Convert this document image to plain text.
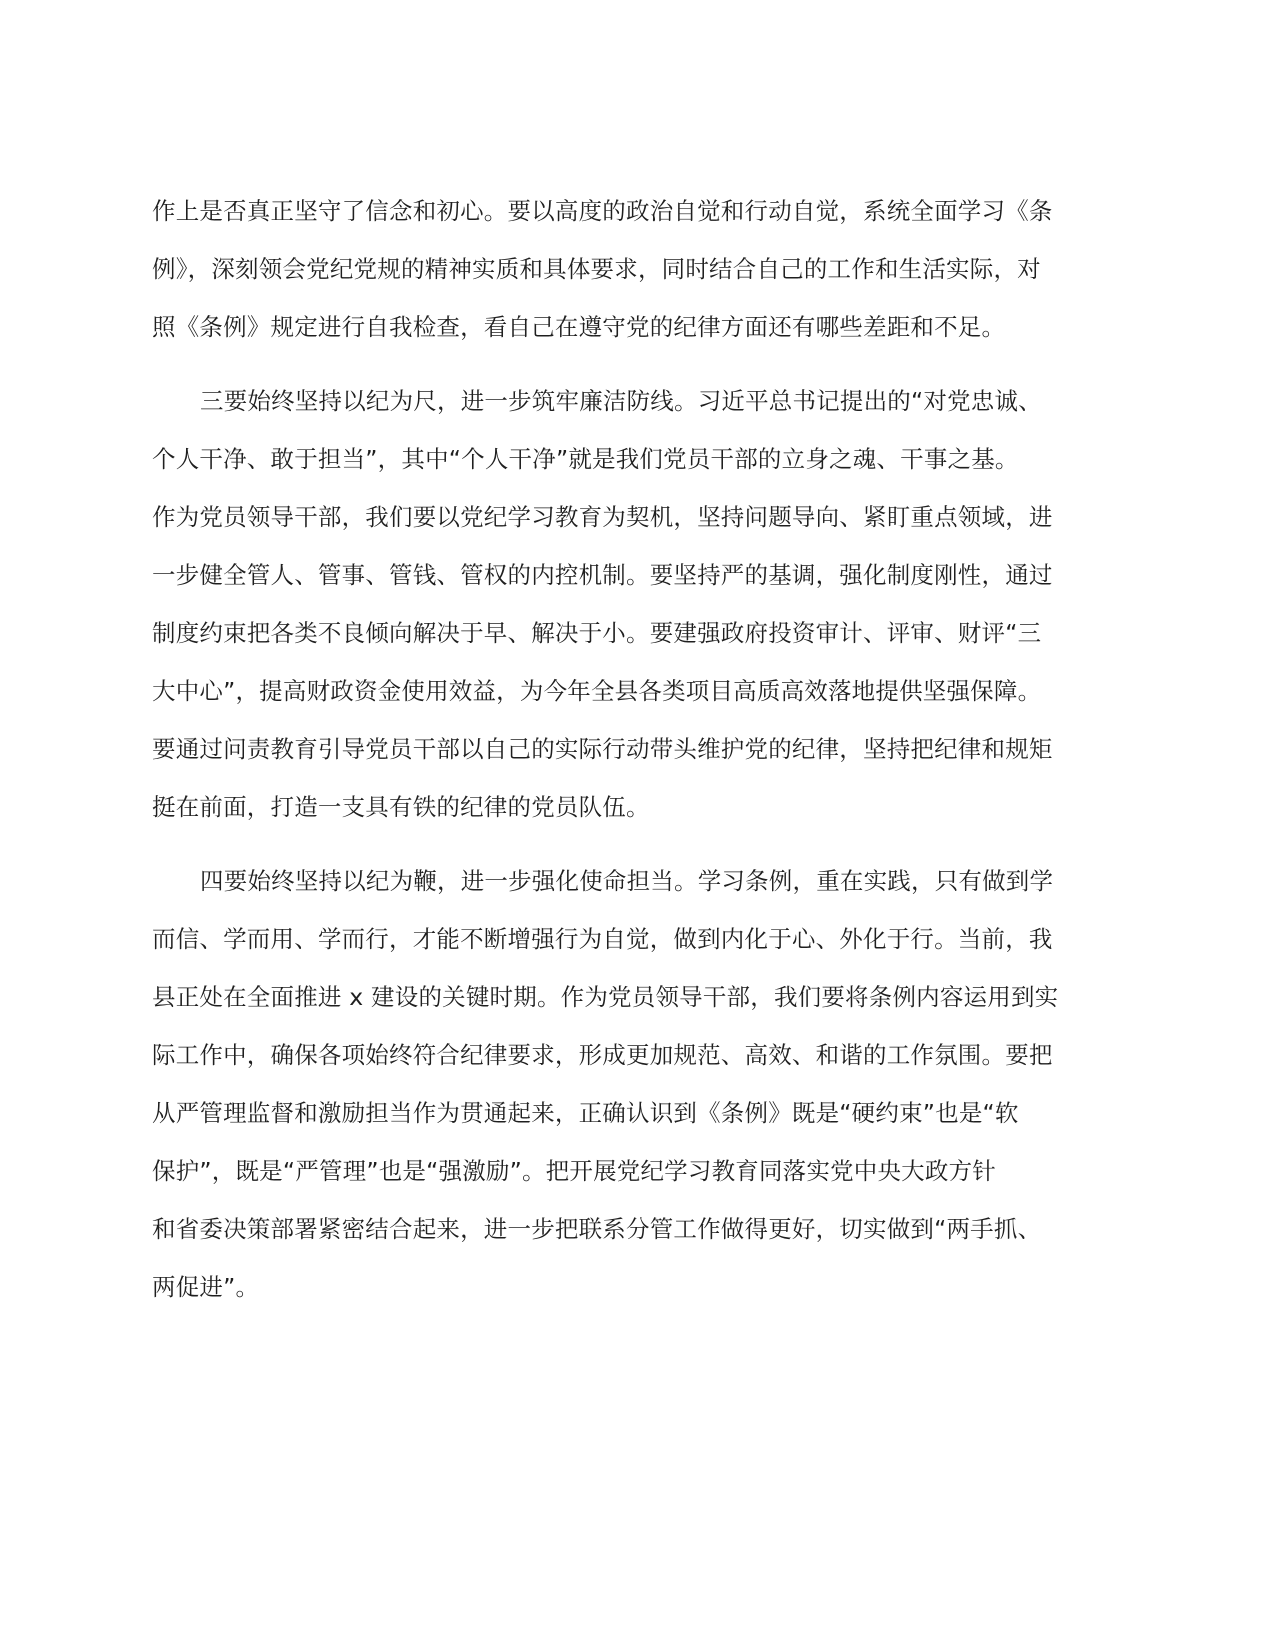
作上是否真正坚守了信念和初心。要以高度的政治自觉和行动自觉，系统全面学习《条
例》，深刻领会党纪党规的精神实质和具体要求，同时结合自己的工作和生活实际，对
照《条例》规定进行自我检查，看自己在遵守党的纪律方面还有哪些差距和不足。
三要始终坚持以纪为尺，进一步筑牢廉洁防线。习近平总书记提出的“对党忠诚、
个人干净、敢于担当”，其中“个人干净”就是我们党员干部的立身之魂、干事之基。
作为党员领导干部，我们要以党纪学习教育为契机，坚持问题导向、紧盯重点领域，进
一步健全管人、管事、管钱、管权的内控机制。要坚持严的基调，强化制度刚性，通过
制度约束把各类不良倾向解决于早、解决于小。要建强政府投资审计、评审、财评“三
大中心”，提高财政资金使用效益，为今年全县各类项目高质高效落地提供坚强保障。
要通过问责教育引导党员干部以自己的实际行动带头维护党的纪律，坚持把纪律和规矩
挺在前面，打造一支具有铁的纪律的党员队伍。
四要始终坚持以纪为鞭，进一步强化使命担当。学习条例，重在实践，只有做到学
而信、学而用、学而行，才能不断增强行为自觉，做到内化于心、外化于行。当前，我
县正处在全面推进 x 建设的关键时期。作为党员领导干部，我们要将条例内容运用到实
际工作中，确保各项始终符合纪律要求，形成更加规范、高效、和谐的工作氛围。要把
从严管理监督和激励担当作为贯通起来，正确认识到《条例》既是“硬约束”也是“软
保护”，既是“严管理”也是“强激励”。把开展党纪学习教育同落实党中央大政方针
和省委决策部署紧密结合起来，进一步把联系分管工作做得更好，切实做到“两手抓、
两促进”。
